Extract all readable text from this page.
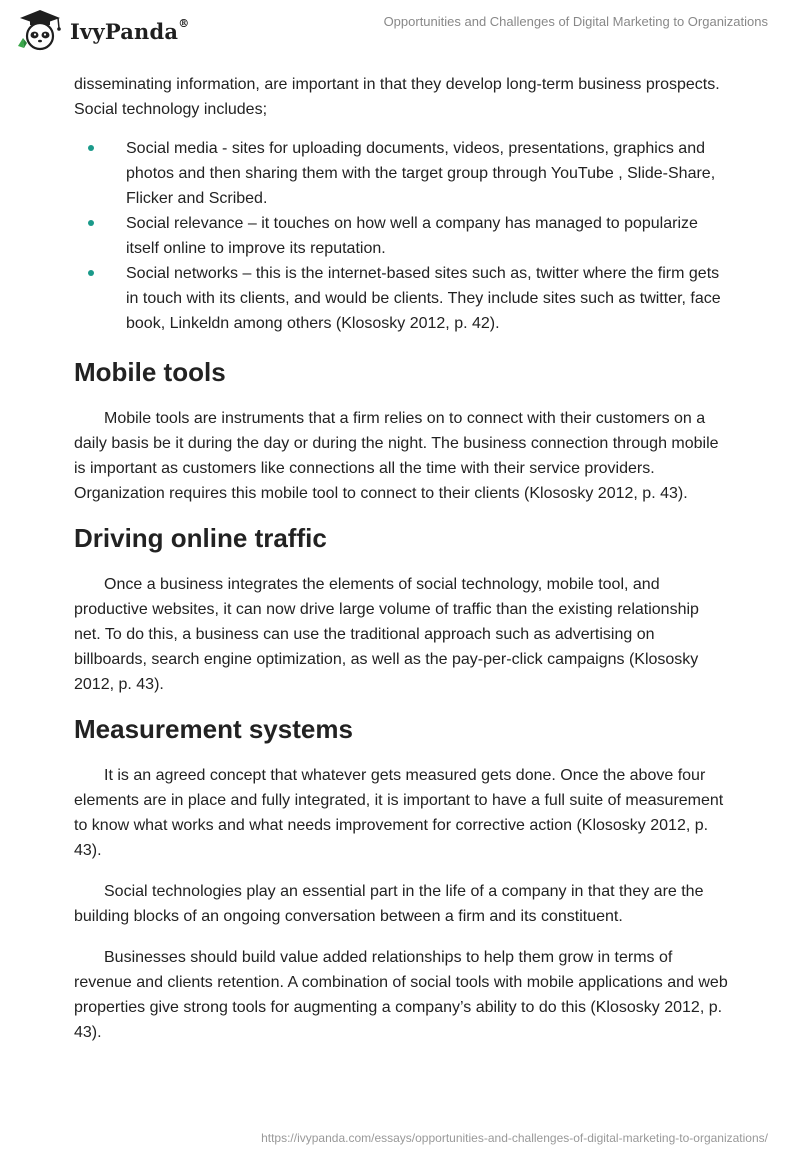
IvyPanda®	Opportunities and Challenges of Digital Marketing to Organizations

disseminating information, are important in that they develop long-term business prospects. Social technology includes;

Social media - sites for uploading documents, videos, presentations, graphics and photos and then sharing them with the target group through YouTube , Slide-Share, Flicker and Scribed.
Social relevance – it touches on how well a company has managed to popularize itself online to improve its reputation.
Social networks – this is the internet-based sites such as, twitter where the firm gets in touch with its clients, and would be clients. They include sites such as twitter, face book, Linkeldn among others (Klososky 2012, p. 42).
Mobile tools

Mobile tools are instruments that a firm relies on to connect with their customers on a daily basis be it during the day or during the night. The business connection through mobile is important as customers like connections all the time with their service providers. Organization requires this mobile tool to connect to their clients (Klososky 2012, p. 43).

Driving online traffic

Once a business integrates the elements of social technology, mobile tool, and productive websites, it can now drive large volume of traffic than the existing relationship net. To do this, a business can use the traditional approach such as advertising on billboards, search engine optimization, as well as the pay-per-click campaigns (Klososky 2012, p. 43).

Measurement systems

It is an agreed concept that whatever gets measured gets done. Once the above four elements are in place and fully integrated, it is important to have a full suite of measurement to know what works and what needs improvement for corrective action (Klososky 2012, p. 43).

Social technologies play an essential part in the life of a company in that they are the building blocks of an ongoing conversation between a firm and its constituent.

Businesses should build value added relationships to help them grow in terms of revenue and clients retention. A combination of social tools with mobile applications and web properties give strong tools for augmenting a company’s ability to do this (Klososky 2012, p. 43).

https://ivypanda.com/essays/opportunities-and-challenges-of-digital-marketing-to-organizations/
